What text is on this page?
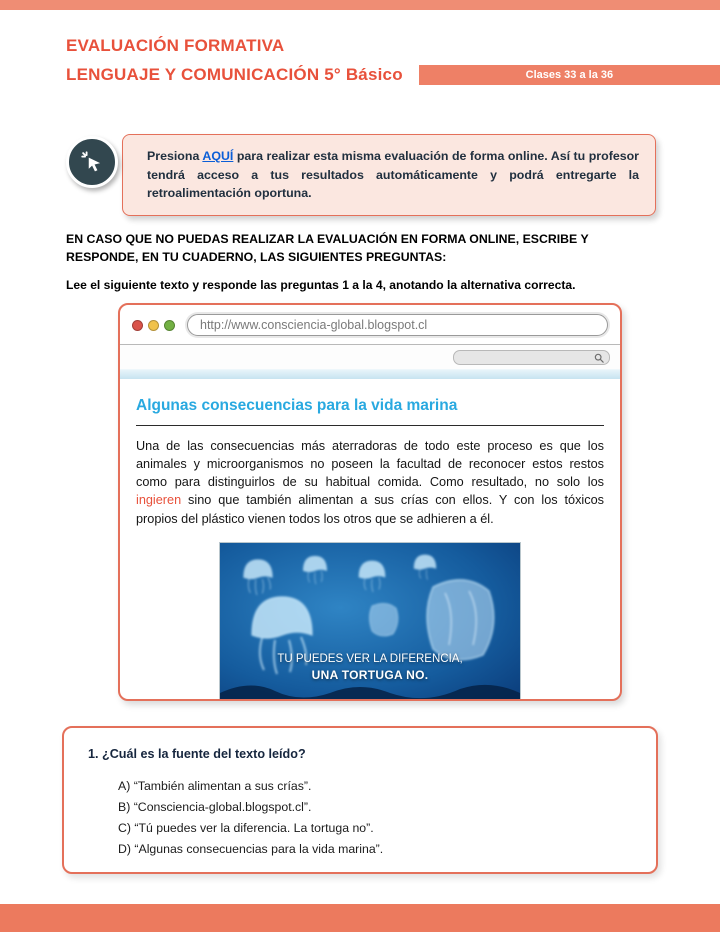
EVALUACIÓN FORMATIVA
LENGUAJE Y COMUNICACIÓN 5° Básico	Clases 33 a la 36
Presiona AQUÍ para realizar esta misma evaluación de forma online. Así tu profesor tendrá acceso a tus resultados automáticamente y podrá entregarte la retroalimentación oportuna.
EN CASO QUE NO PUEDAS REALIZAR LA EVALUACIÓN EN FORMA ONLINE, ESCRIBE Y RESPONDE, EN TU CUADERNO, LAS SIGUIENTES PREGUNTAS:
Lee el siguiente texto y responde las preguntas 1 a la 4, anotando la alternativa correcta.
http://www.consciencia-global.blogspot.cl
Algunas consecuencias para la vida marina

Una de las consecuencias más aterradoras de todo este proceso es que los animales y microorganismos no poseen la facultad de reconocer estos restos como para distinguirlos de su habitual comida. Como resultado, no solo los ingieren sino que también alimentan a sus crías con ellos. Y con los tóxicos propios del plástico vienen todos los otros que se adhieren a él.

TU PUEDES VER LA DIFERENCIA,
UNA TORTUGA NO.
1. ¿Cuál es la fuente del texto leído?
A) “También alimentan a sus crías”.
B) “Consciencia-global.blogspot.cl”.
C) “Tú puedes ver la diferencia. La tortuga no”.
D) “Algunas consecuencias para la vida marina”.
